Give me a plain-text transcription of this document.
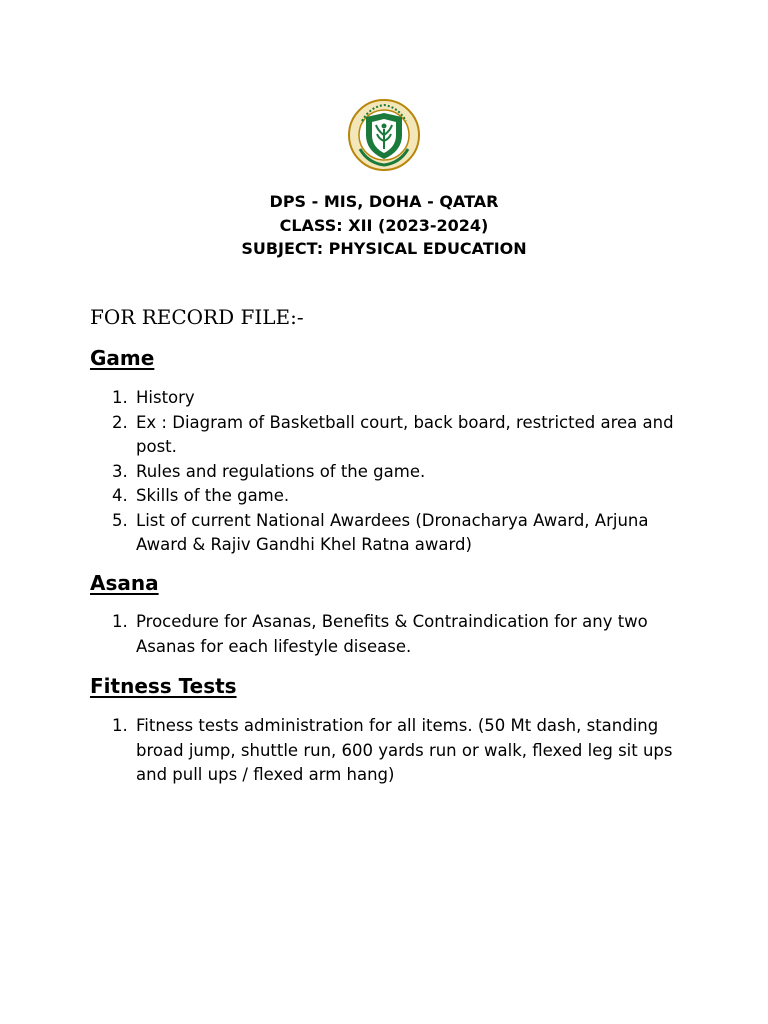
DPS - MIS, DOHA - QATAR
CLASS: XII (2023-2024)
SUBJECT: PHYSICAL EDUCATION
FOR RECORD FILE:-
Game
1. History
2. Ex : Diagram of Basketball court, back board, restricted area and post.
3. Rules and regulations of the game.
4. Skills of the game.
5. List of current National Awardees (Dronacharya Award, Arjuna Award & Rajiv Gandhi Khel Ratna award)
Asana
1. Procedure for Asanas, Benefits & Contraindication for any two Asanas for each lifestyle disease.
Fitness Tests
1. Fitness tests administration for all items. (50 Mt dash, standing broad jump, shuttle run, 600 yards run or walk, flexed leg sit ups and pull ups / flexed arm hang)
